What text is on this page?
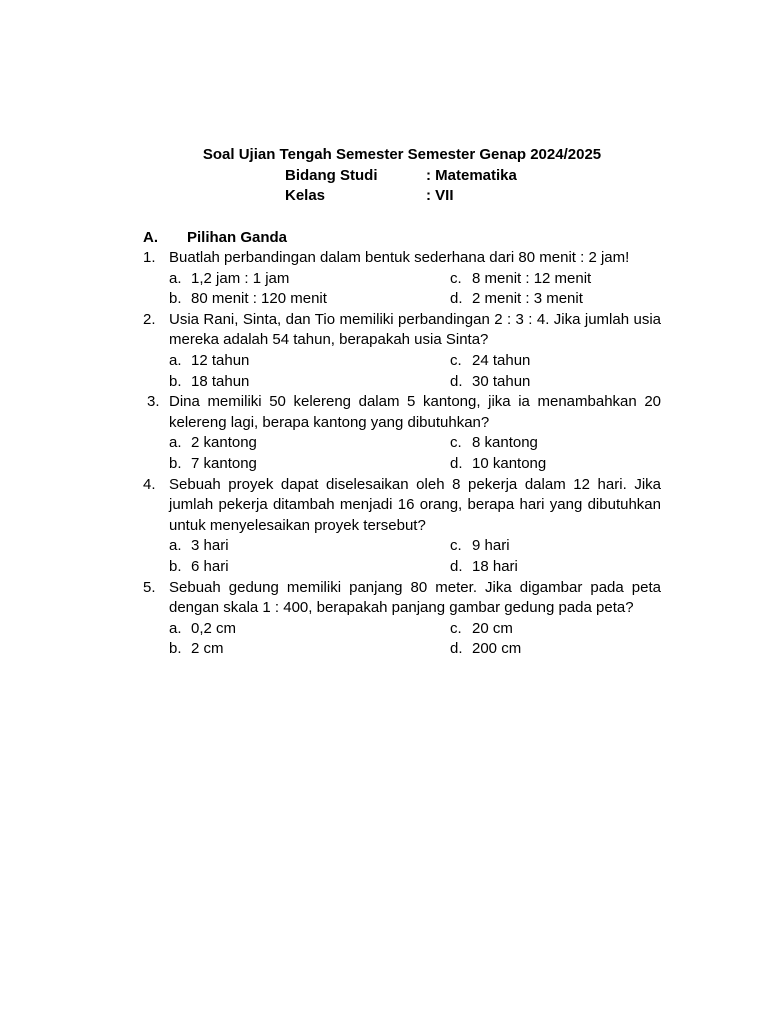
Soal Ujian Tengah Semester Semester Genap 2024/2025
Bidang Studi	: Matematika
Kelas	: VII
A. Pilihan Ganda
1. Buatlah perbandingan dalam bentuk sederhana dari 80 menit : 2 jam!
a. 1,2 jam : 1 jam	c. 8 menit : 12 menit
b. 80 menit : 120 menit	d. 2 menit : 3 menit
2. Usia Rani, Sinta, dan Tio memiliki perbandingan 2 : 3 : 4. Jika jumlah usia mereka adalah 54 tahun, berapakah usia Sinta?
a. 12 tahun	c. 24 tahun
b. 18 tahun	d. 30 tahun
3. Dina memiliki 50 kelereng dalam 5 kantong, jika ia menambahkan 20 kelereng lagi, berapa kantong yang dibutuhkan?
a. 2 kantong	c. 8 kantong
b. 7 kantong	d. 10 kantong
4. Sebuah proyek dapat diselesaikan oleh 8 pekerja dalam 12 hari. Jika jumlah pekerja ditambah menjadi 16 orang, berapa hari yang dibutuhkan untuk menyelesaikan proyek tersebut?
a. 3 hari	c. 9 hari
b. 6 hari	d. 18 hari
5. Sebuah gedung memiliki panjang 80 meter. Jika digambar pada peta dengan skala 1 : 400, berapakah panjang gambar gedung pada peta?
a. 0,2 cm	c. 20 cm
b. 2 cm	d. 200 cm
